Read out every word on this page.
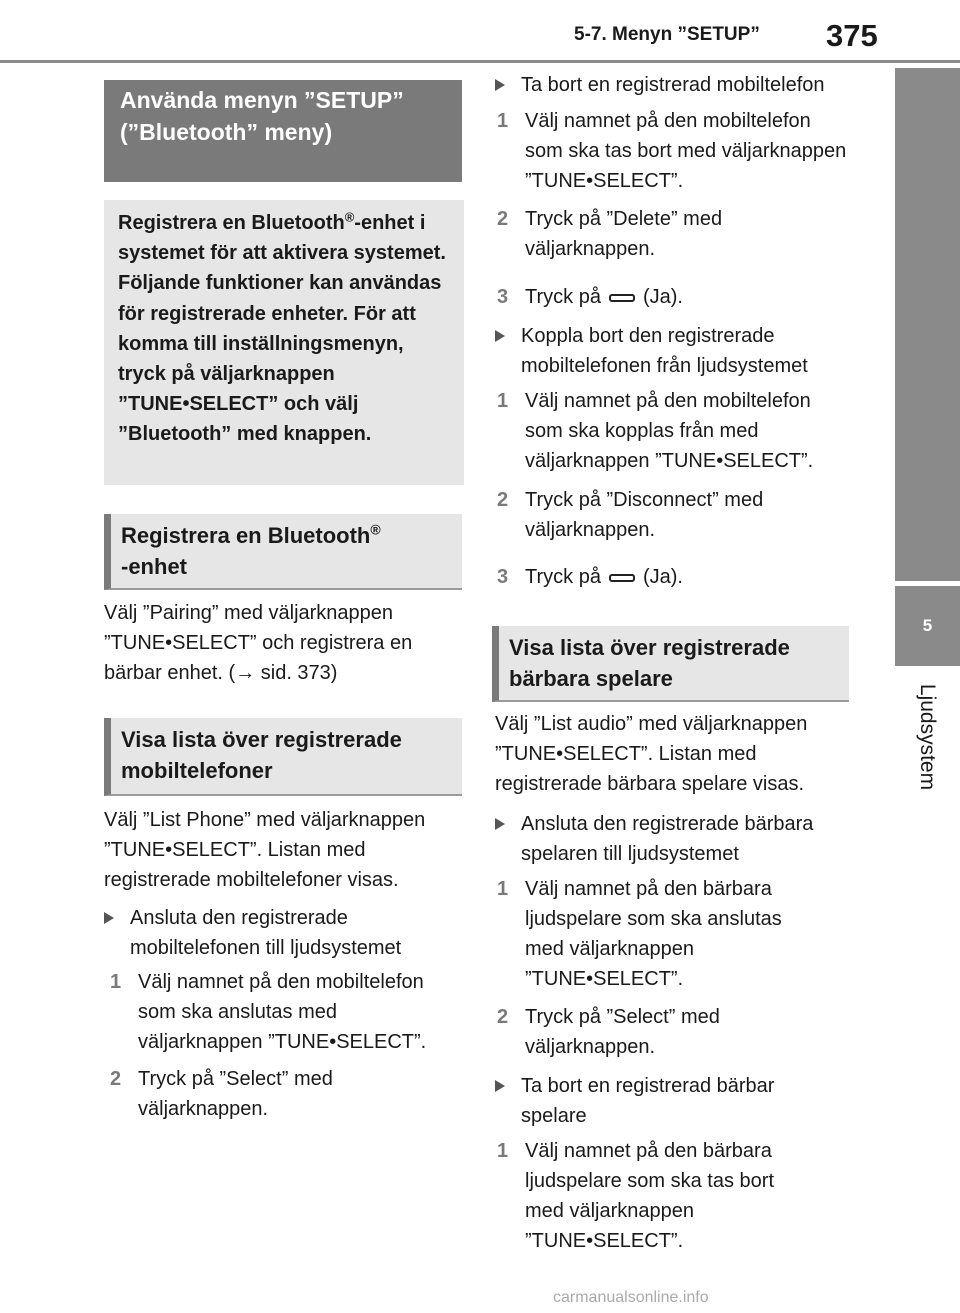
5-7. Menyn ”SETUP” 375
5
Ljudsystem
Använda menyn ”SETUP” (”Bluetooth” meny)
Registrera en Bluetooth®-enhet i systemet för att aktivera systemet. Följande funktioner kan användas för registrerade enheter. För att komma till inställningsmenyn, tryck på väljarknappen ”TUNE•SELECT” och välj ”Bluetooth” med knappen.
Registrera en Bluetooth®
-enhet
Välj ”Pairing” med väljarknappen ”TUNE•SELECT” och registrera en bärbar enhet. (→ sid. 373)
Visa lista över registrerade mobiltelefoner
Välj ”List Phone” med väljarknappen ”TUNE•SELECT”. Listan med registrerade mobiltelefoner visas.
Ansluta den registrerade mobiltelefonen till ljudsystemet
1 Välj namnet på den mobiltelefon som ska anslutas med väljarknappen ”TUNE•SELECT”.
2 Tryck på ”Select” med väljarknappen.
Ta bort en registrerad mobiltelefon
1 Välj namnet på den mobiltelefon som ska tas bort med väljarknappen ”TUNE•SELECT”.
2 Tryck på ”Delete” med väljarknappen.
3 Tryck på (Ja).
Koppla bort den registrerade mobiltelefonen från ljudsystemet
1 Välj namnet på den mobiltelefon som ska kopplas från med väljarknappen ”TUNE•SELECT”.
2 Tryck på ”Disconnect” med väljarknappen.
3 Tryck på (Ja).
Visa lista över registrerade bärbara spelare
Välj ”List audio” med väljarknappen ”TUNE•SELECT”. Listan med registrerade bärbara spelare visas.
Ansluta den registrerade bärbara spelaren till ljudsystemet
1 Välj namnet på den bärbara ljudspelare som ska anslutas med väljarknappen ”TUNE•SELECT”.
2 Tryck på ”Select” med väljarknappen.
Ta bort en registrerad bärbar spelare
1 Välj namnet på den bärbara ljudspelare som ska tas bort med väljarknappen ”TUNE•SELECT”.
carmanualsonline.info
